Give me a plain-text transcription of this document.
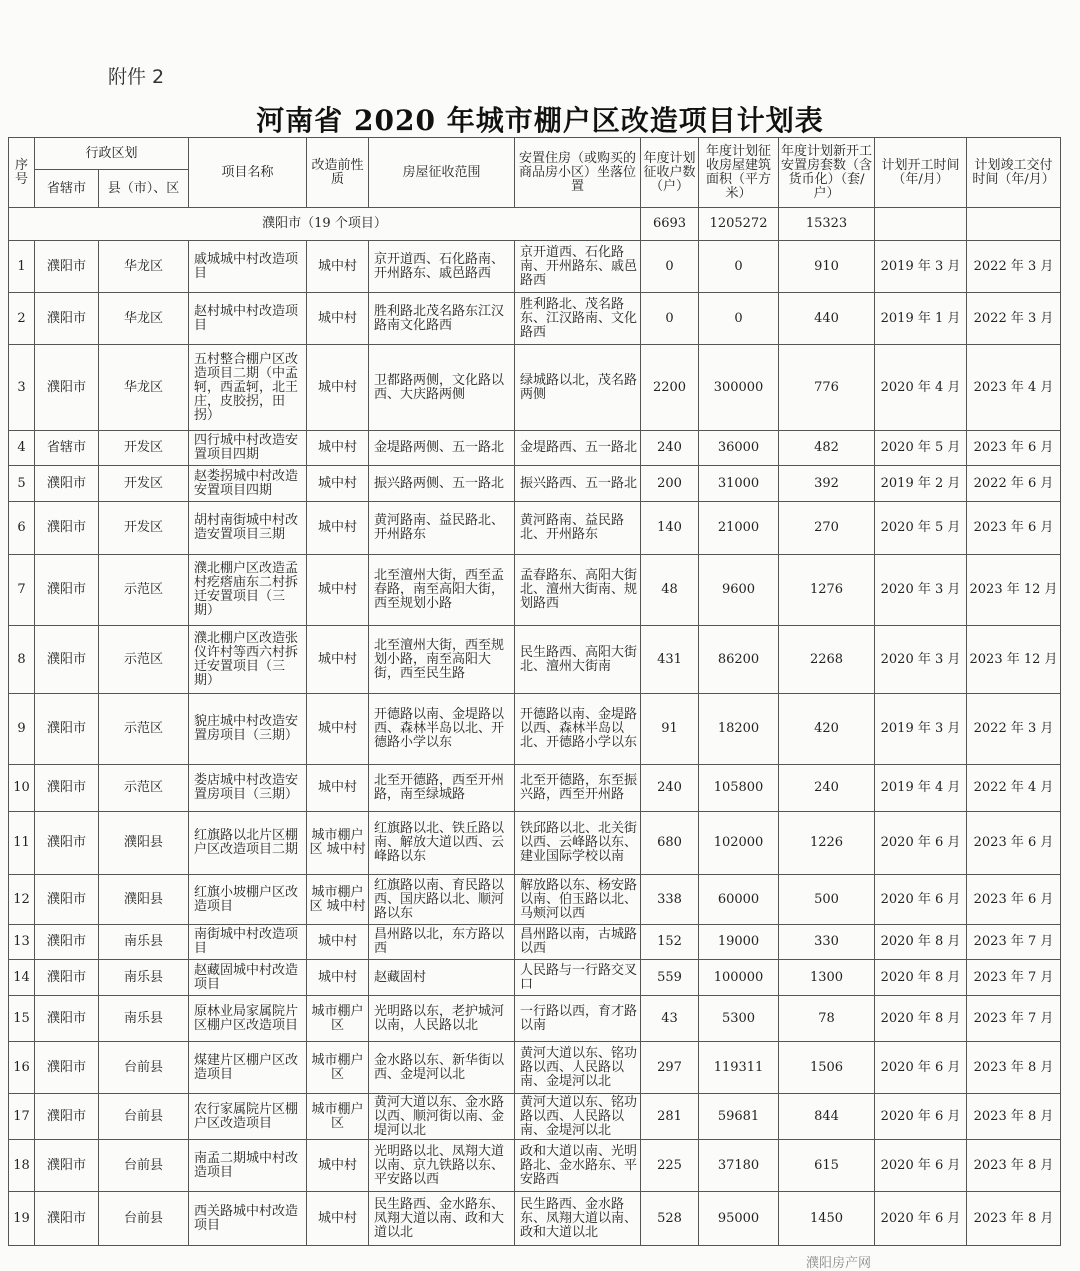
附件 2
河南省 2020 年城市棚户区改造项目计划表
序号	行政区划		项目名称	改造前性质	房屋征收范围	安置住房（或购买的商品房小区）坐落位置	年度计划征收户数（户）	年度计划征收房屋建筑面积（平方米）	年度计划新开工安置房套数（含货币化）（套/户）	计划开工时间（年/月）	计划竣工交付时间（年/月）
	省辖市	县（市）、区									
濮阳市（19 个项目）							6693	1205272	15323		
1	濮阳市	华龙区	戚城城中村改造项目	城中村	京开道西、石化路南、开州路东、戚邑路西	京开道西、石化路南、开州路东、戚邑路西	0	0	910	2019 年 3 月	2022 年 3 月
2	濮阳市	华龙区	赵村城中村改造项目	城中村	胜利路北茂名路东江汉路南文化路西	胜利路北、茂名路东、江汉路南、文化路西	0	0	440	2019 年 1 月	2022 年 3 月
3	濮阳市	华龙区	五村整合棚户区改造项目二期（中孟轲，西孟轲，北王庄，皮胶拐，田拐）	城中村	卫都路两侧，文化路以西、大庆路两侧	绿城路以北，茂名路两侧	2200	300000	776	2020 年 4 月	2023 年 4 月
4	省辖市	开发区	四行城中村改造安置项目四期	城中村	金堤路两侧、五一路北	金堤路西、五一路北	240	36000	482	2020 年 5 月	2023 年 6 月
5	濮阳市	开发区	赵娄拐城中村改造安置项目四期	城中村	振兴路两侧、五一路北	振兴路西、五一路北	200	31000	392	2019 年 2 月	2022 年 6 月
6	濮阳市	开发区	胡村南街城中村改造安置项目三期	城中村	黄河路南、益民路北、开州路东	黄河路南、益民路北、开州路东	140	21000	270	2020 年 5 月	2023 年 6 月
7	濮阳市	示范区	濮北棚户区改造孟村疙瘩庙东二村拆迁安置项目（三期）	城中村	北至澶州大街，西至孟春路，南至高阳大街，西至规划小路	孟春路东、高阳大街北、澶州大街南、规划路西	48	9600	1276	2020 年 3 月	2023 年 12 月
8	濮阳市	示范区	濮北棚户区改造张仪许村等西六村拆迁安置项目（三期）	城中村	北至澶州大街，西至规划小路，南至高阳大街，西至民生路	民生路西、高阳大街北、澶州大街南	431	86200	2268	2020 年 3 月	2023 年 12 月
9	濮阳市	示范区	貌庄城中村改造安置房项目（三期）	城中村	开德路以南、金堤路以西、森林半岛以北、开德路小学以东	开德路以南、金堤路以西、森林半岛以北、开德路小学以东	91	18200	420	2019 年 3 月	2022 年 3 月
10	濮阳市	示范区	娄店城中村改造安置房项目（三期）	城中村	北至开德路，西至开州路，南至绿城路	北至开德路，东至振兴路，西至开州路	240	105800	240	2019 年 4 月	2022 年 4 月
11	濮阳市	濮阳县	红旗路以北片区棚户区改造项目二期	城市棚户区 城中村	红旗路以北、铁丘路以南、解放大道以西、云峰路以东	铁邱路以北、北关街以西、云峰路以东、建业国际学校以南	680	102000	1226	2020 年 6 月	2023 年 6 月
12	濮阳市	濮阳县	红旗小坡棚户区改造项目	城市棚户区 城中村	红旗路以南、育民路以西、国庆路以北、顺河路以东	解放路以东、杨安路以南、伯玉路以北、马颊河以西	338	60000	500	2020 年 6 月	2023 年 6 月
13	濮阳市	南乐县	南街城中村改造项目	城中村	昌州路以北，东方路以西	昌州路以南，古城路以西	152	19000	330	2020 年 8 月	2023 年 7 月
14	濮阳市	南乐县	赵藏固城中村改造项目	城中村	赵藏固村	人民路与一行路交叉口	559	100000	1300	2020 年 8 月	2023 年 7 月
15	濮阳市	南乐县	原林业局家属院片区棚户区改造项目	城市棚户区	光明路以东，老护城河以南，人民路以北	一行路以西，育才路以南	43	5300	78	2020 年 8 月	2023 年 7 月
16	濮阳市	台前县	煤建片区棚户区改造项目	城市棚户区	金水路以东、新华街以西、金堤河以北	黄河大道以东、铭功路以西、人民路以南、金堤河以北	297	119311	1506	2020 年 6 月	2023 年 8 月
17	濮阳市	台前县	农行家属院片区棚户区改造项目	城市棚户区	黄河大道以东、金水路以西、顺河街以南、金堤河以北	黄河大道以东、铭功路以西、人民路以南、金堤河以北	281	59681	844	2020 年 6 月	2023 年 8 月
18	濮阳市	台前县	南孟二期城中村改造项目	城中村	光明路以北、凤翔大道以南、京九铁路以东、平安路以西	政和大道以南、光明路北、金水路东、平安路西	225	37180	615	2020 年 6 月	2023 年 8 月
19	濮阳市	台前县	西关路城中村改造项目	城中村	民生路西、金水路东、凤翔大道以南、政和大道以北	民生路西、金水路东、凤翔大道以南、政和大道以北	528	95000	1450	2020 年 6 月	2023 年 8 月
濮阳房产网
